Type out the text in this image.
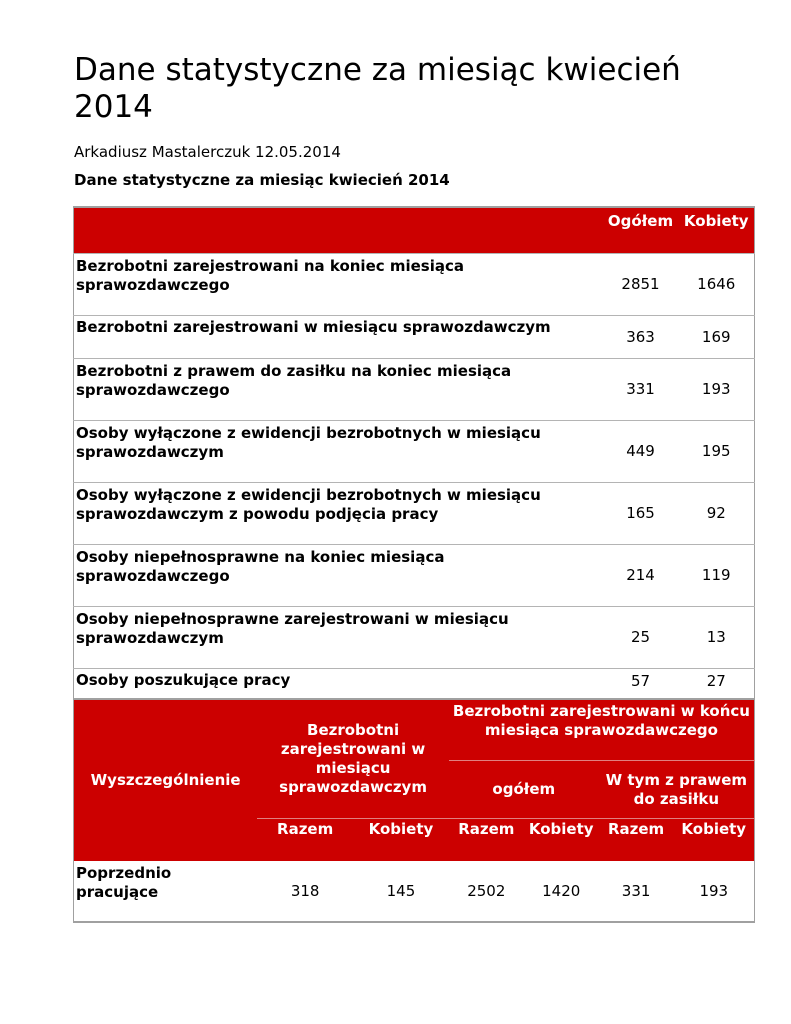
Dane statystyczne za miesiąc kwiecień 2014
Arkadiusz Mastalerczuk 12.05.2014
Dane statystyczne za miesiąc kwiecień 2014
	Ogółem	Kobiety
Bezrobotni zarejestrowani na koniec miesiąca sprawozdawczego	2851	1646
Bezrobotni zarejestrowani w miesiącu sprawozdawczym	363	169
Bezrobotni z prawem do zasiłku na koniec miesiąca sprawozdawczego	331	193
Osoby wyłączone z ewidencji bezrobotnych w miesiącu sprawozdawczym	449	195
Osoby wyłączone z ewidencji bezrobotnych w miesiącu sprawozdawczym z powodu podjęcia pracy	165	92
Osoby niepełnosprawne na koniec miesiąca sprawozdawczego	214	119
Osoby niepełnosprawne zarejestrowani w miesiącu sprawozdawczym	25	13
Osoby poszukujące pracy	57	27
Wyszczególnienie	Bezrobotni zarejestrowani w miesiącu sprawozdawczym		Bezrobotni zarejestrowani w końcu miesiąca sprawozdawczego			
			ogółem		W tym z prawem do zasiłku	
	Razem	Kobiety	Razem	Kobiety	Razem	Kobiety
Poprzednio pracujące	318	145	2502	1420	331	193
